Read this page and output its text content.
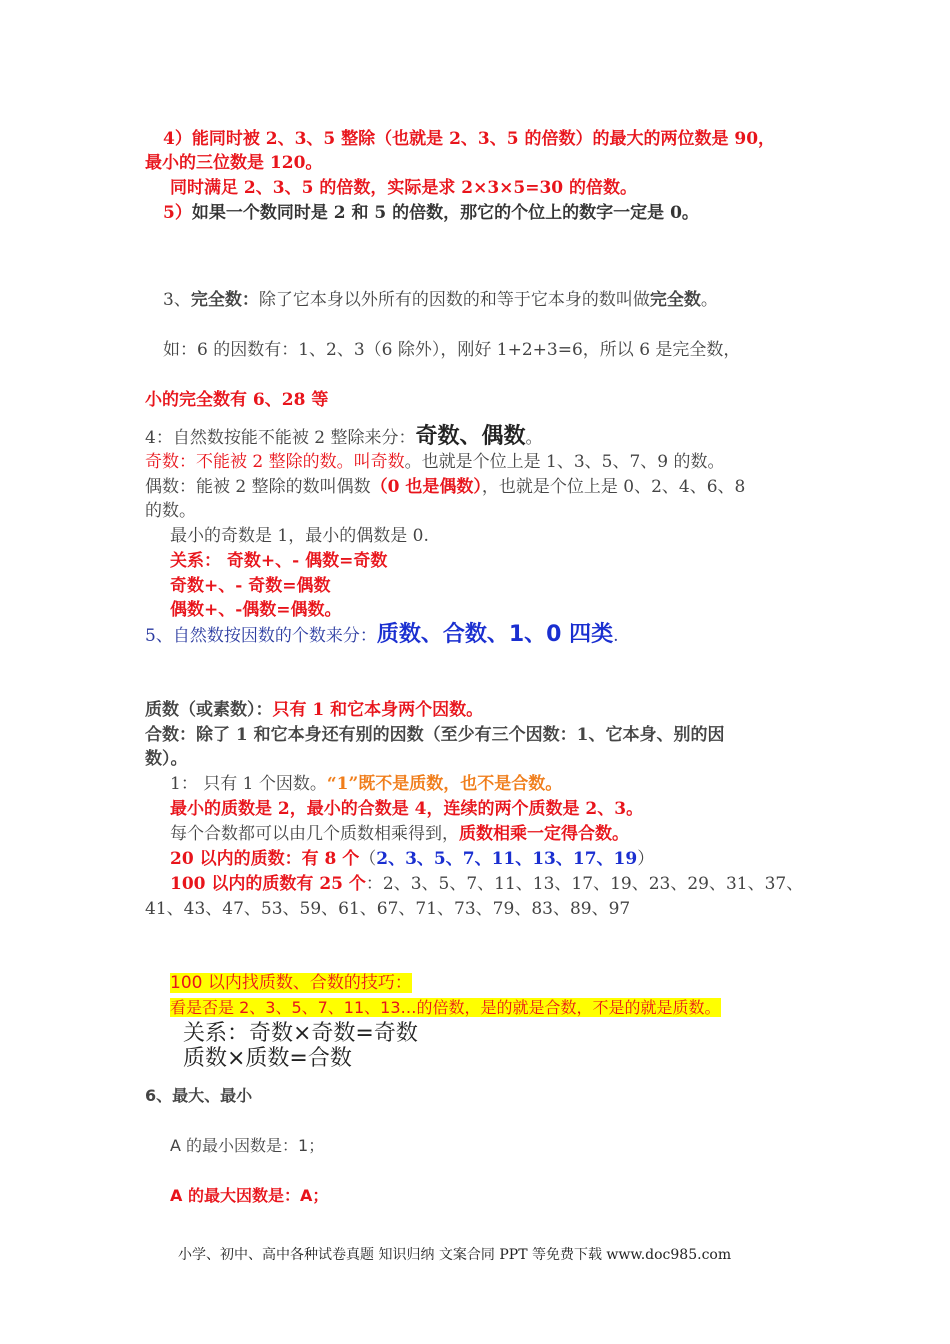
4）能同时被 2、3、5 整除（也就是 2、3、5 的倍数）的最大的两位数是 90，
最小的三位数是 120。
同时满足 2、3、5 的倍数，实际是求 2×3×5=30 的倍数。
5）如果一个数同时是 2 和 5 的倍数，那它的个位上的数字一定是 0。
3、完全数：除了它本身以外所有的因数的和等于它本身的数叫做完全数。
如：6 的因数有：1、2、3（6 除外），刚好 1+2+3=6，所以 6 是完全数，
小的完全数有 6、28 等
4：自然数按能不能被 2 整除来分：奇数、偶数。
奇数：不能被 2 整除的数。叫奇数。也就是个位上是 1、3、5、7、9 的数。
偶数：能被 2 整除的数叫偶数（0 也是偶数），也就是个位上是 0、2、4、6、8
的数。
最小的奇数是 1，最小的偶数是 0.
关系： 奇数+、- 偶数=奇数
奇数+、- 奇数=偶数
偶数+、-偶数=偶数。
5、自然数按因数的个数来分：质数、合数、1、0 四类.
质数（或素数）：只有 1 和它本身两个因数。
合数：除了 1 和它本身还有别的因数（至少有三个因数：1、它本身、别的因
数）。
1： 只有 1 个因数。“1”既不是质数，也不是合数。
最小的质数是 2，最小的合数是 4，连续的两个质数是 2、3。
每个合数都可以由几个质数相乘得到，质数相乘一定得合数。
20 以内的质数：有 8 个（2、3、5、7、11、13、17、19）
100 以内的质数有 25 个：2、3、5、7、11、13、17、19、23、29、31、37、
41、43、47、53、59、61、67、71、73、79、83、89、97
100 以内找质数、合数的技巧：
看是否是 2、3、5、7、11、13…的倍数，是的就是合数，不是的就是质数。
关系：奇数×奇数=奇数
质数×质数=合数
6、最大、最小
A 的最小因数是：1；
A 的最大因数是：A；
小学、初中、高中各种试卷真题 知识归纳 文案合同 PPT 等免费下载 www.doc985.com
